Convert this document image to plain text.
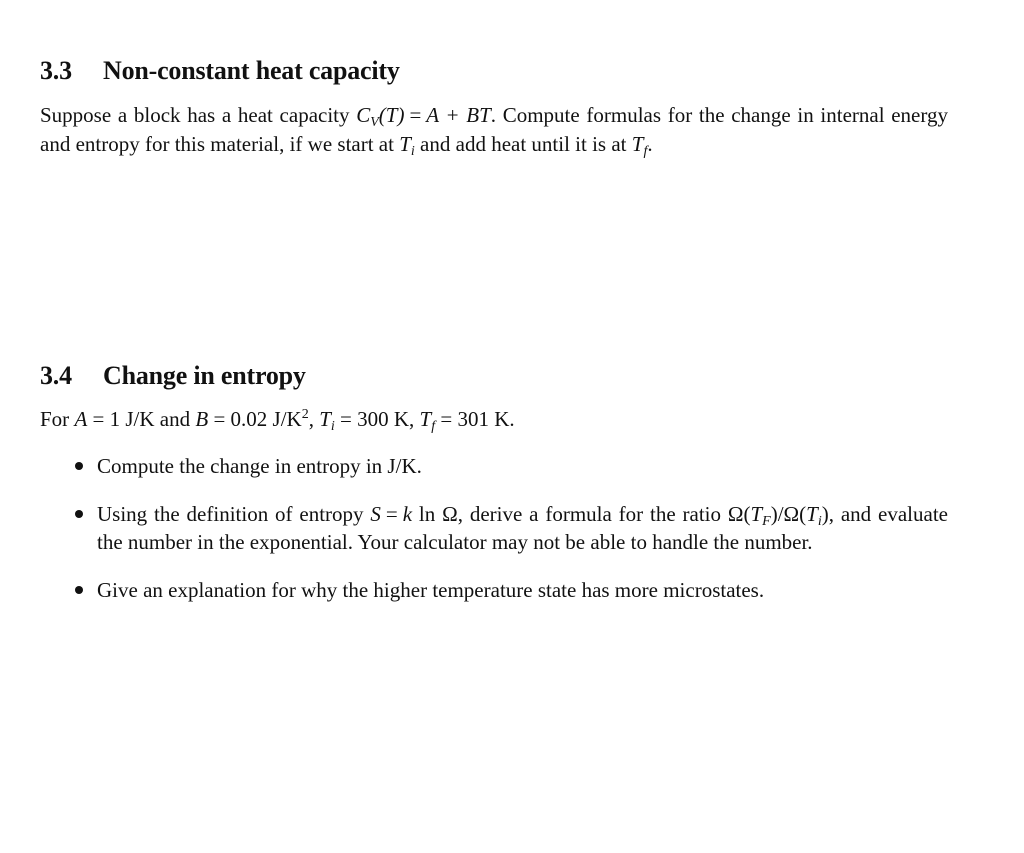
3.3 Non-constant heat capacity

Suppose a block has a heat capacity $C_V(T) = A$ + BT. Compute formulas for the change in internal energy and entropy for this material, if we start at $T_i$ and add heat until it is at $T_f$.

3.4 Change in entropy

For A = 1 J/K and B = 0.02 $J/K^2$, $T_i = 300$ K, $T_f = 301$ K.

Compute the change in entropy in J/K.
Using the definition of entropy S = k ln Ω, derive a formula for the ratio $\Omega(T_F)/\Omega(T_i)$, and evaluate the number in the exponential. Your calculator may not be able to handle the number.
Give an explanation for why the higher temperature state has more microstates.
